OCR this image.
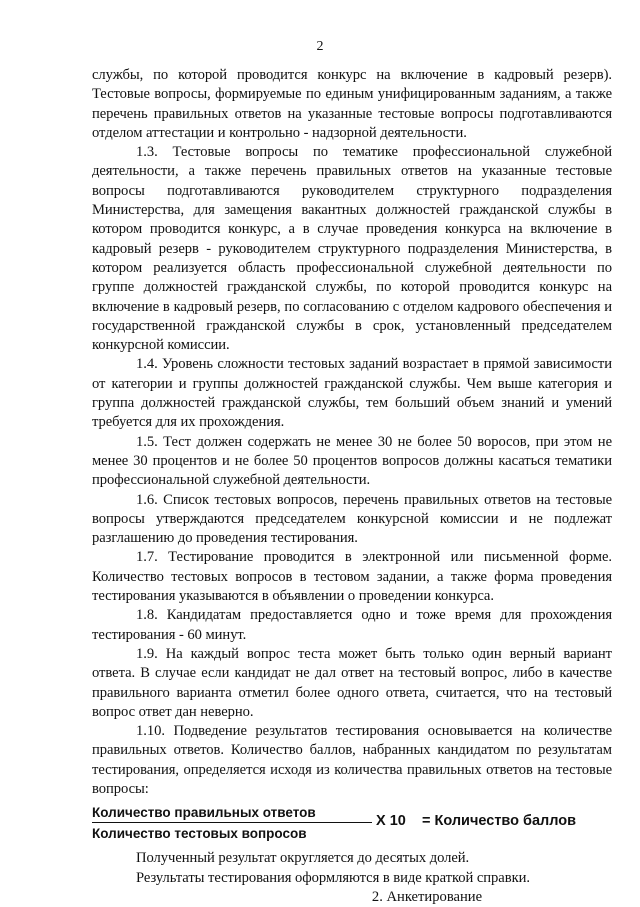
2

службы, по которой проводится конкурс на включение в кадровый резерв). Тестовые вопросы, формируемые по единым унифицированным заданиям, а также перечень правильных ответов на указанные тестовые вопросы подготавливаются отделом аттестации и контрольно - надзорной деятельности.

1.3. Тестовые вопросы по тематике профессиональной служебной деятельности, а также перечень правильных ответов на указанные тестовые вопросы подготавливаются руководителем структурного подразделения Министерства, для замещения вакантных должностей гражданской службы в котором проводится конкурс, а в случае проведения конкурса на включение в кадровый резерв - руководителем структурного подразделения Министерства, в котором реализуется область профессиональной служебной деятельности по группе должностей гражданской службы, по которой проводится конкурс на включение в кадровый резерв, по согласованию с отделом кадрового обеспечения и государственной гражданской службы в срок, установленный председателем конкурсной комиссии.

1.4. Уровень сложности тестовых заданий возрастает в прямой зависимости от категории и группы должностей гражданской службы. Чем выше категория и группа должностей гражданской службы, тем больший объем знаний и умений требуется для их прохождения.

1.5. Тест должен содержать не менее 30 не более 50 воросов, при этом не менее 30 процентов и не более 50 процентов вопросов должны касаться тематики профессиональной служебной деятельности.

1.6. Список тестовых вопросов, перечень правильных ответов на тестовые вопросы утверждаются председателем конкурсной комиссии и не подлежат разглашению до проведения тестирования.

1.7. Тестирование проводится в электронной или письменной форме. Количество тестовых вопросов в тестовом задании, а также форма проведения тестирования указываются в объявлении о проведении конкурса.

1.8. Кандидатам предоставляется одно и тоже время для прохождения тестирования - 60 минут.

1.9. На каждый вопрос теста может быть только один верный вариант ответа. В случае если кандидат не дал ответ на тестовый вопрос, либо в качестве правильного варианта отметил более одного ответа, считается, что на тестовый вопрос ответ дан неверно.

1.10. Подведение результатов тестирования основывается на количестве правильных ответов. Количество баллов, набранных кандидатом по результатам тестирования, определяется исходя из количества правильных ответов на тестовые вопросы:

Количество правильных ответов
Количество тестовых вопросов
X 10 = Количество баллов

Полученный результат округляется до десятых долей.

Результаты тестирования оформляются в виде краткой справки.

2. Анкетирование
